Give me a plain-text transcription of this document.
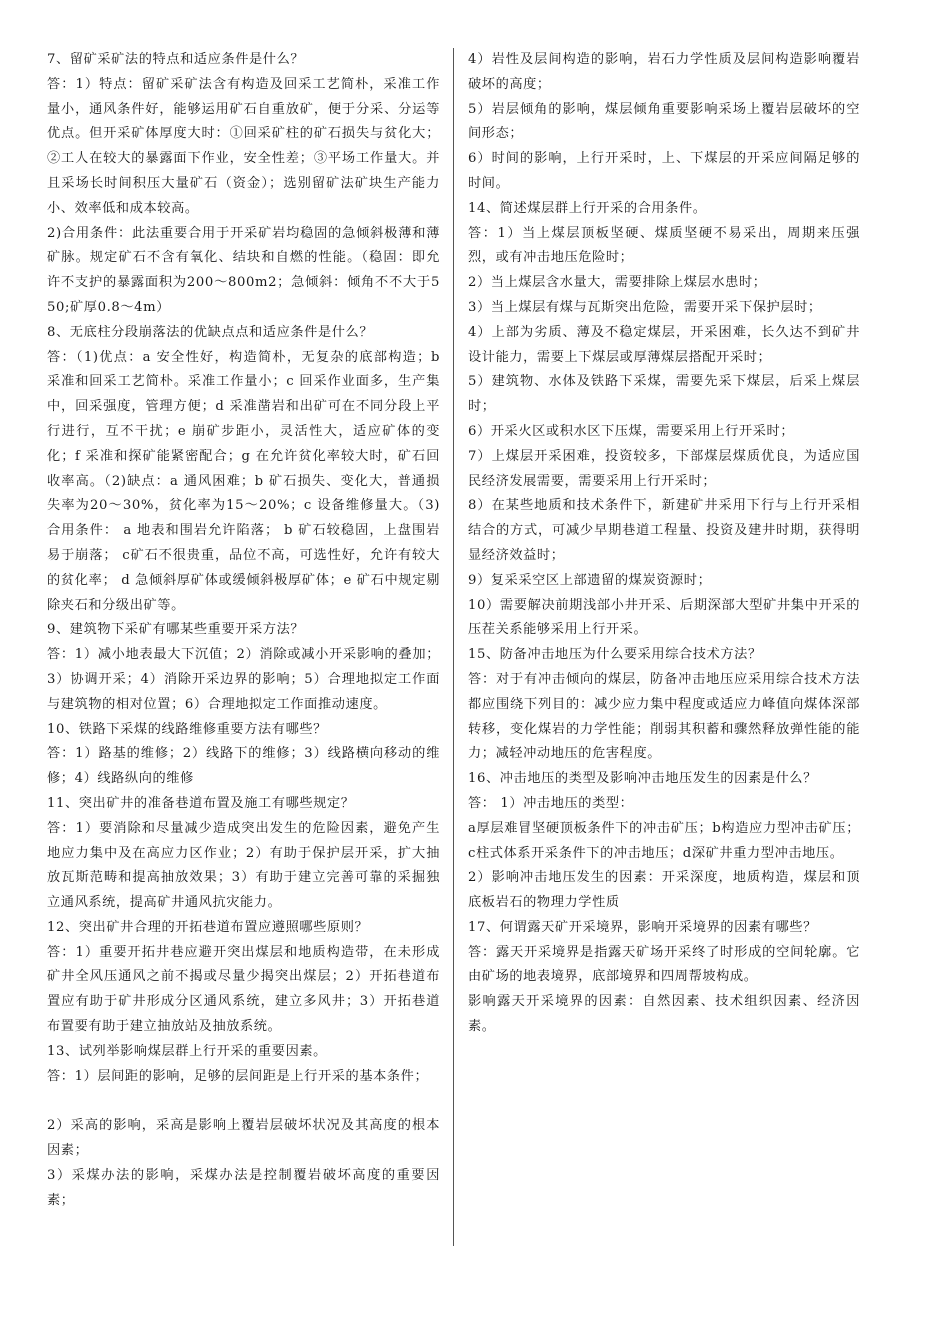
7、留矿采矿法的特点和适应条件是什么？

答：1）特点：留矿采矿法含有构造及回采工艺简朴，采准工作量小，通风条件好，能够运用矿石自重放矿，便于分采、分运等优点。但开采矿体厚度大时：①回采矿柱的矿石损失与贫化大；②工人在较大的暴露面下作业，安全性差；③平场工作量大。并且采场长时间积压大量矿石（资金）；选别留矿法矿块生产能力小、效率低和成本较高。

2)合用条件：此法重要合用于开采矿岩均稳固的急倾斜极薄和薄矿脉。规定矿石不含有氧化、结块和自燃的性能。（稳固：即允许不支护的暴露面积为200～800m2；急倾斜：倾角不不大于550;矿厚0.8～4m）

8、无底柱分段崩落法的优缺点点和适应条件是什么？

答：（1)优点：a 安全性好，构造简朴，无复杂的底部构造；b 采准和回采工艺简朴。采准工作量小；c 回采作业面多，生产集中，回采强度，管理方便；d 采准凿岩和出矿可在不同分段上平行进行，互不干扰；e 崩矿步距小，灵活性大，适应矿体的变化；f 采准和探矿能紧密配合；g 在允许贫化率较大时，矿石回收率高。（2)缺点：a 通风困难；b 矿石损失、变化大，普通损失率为20～30%，贫化率为15～20%；c 设备维修量大。（3)合用条件： a 地表和围岩允许陷落； b 矿石较稳固，上盘围岩易于崩落； c矿石不很贵重，品位不高，可选性好，允许有较大的贫化率； d 急倾斜厚矿体或缓倾斜极厚矿体；e 矿石中规定剔除夹石和分级出矿等。

9、建筑物下采矿有哪某些重要开采方法？

答：1）减小地表最大下沉值；2）消除或减小开采影响的叠加；3）协调开采；4）消除开采边界的影响；5）合理地拟定工作面与建筑物的相对位置；6）合理地拟定工作面推动速度。

10、铁路下采煤的线路维修重要方法有哪些？

答：1）路基的维修；2）线路下的维修；3）线路横向移动的维修；4）线路纵向的维修

11、突出矿井的准备巷道布置及施工有哪些规定？

答：1）要消除和尽量减少造成突出发生的危险因素，避免产生地应力集中及在高应力区作业；2）有助于保护层开采，扩大抽放瓦斯范畴和提高抽放效果；3）有助于建立完善可靠的采掘独立通风系统，提高矿井通风抗灾能力。

12、突出矿井合理的开拓巷道布置应遵照哪些原则？

答：1）重要开拓井巷应避开突出煤层和地质构造带，在未形成矿井全风压通风之前不揭或尽量少揭突出煤层；2）开拓巷道布置应有助于矿井形成分区通风系统，建立多风井；3）开拓巷道布置要有助于建立抽放站及抽放系统。

13、试列举影响煤层群上行开采的重要因素。

答：1）层间距的影响，足够的层间距是上行开采的基本条件；

2）采高的影响，采高是影响上覆岩层破坏状况及其高度的根本因素；

3）采煤办法的影响，采煤办法是控制覆岩破坏高度的重要因素；

4）岩性及层间构造的影响，岩石力学性质及层间构造影响覆岩破坏的高度；

5）岩层倾角的影响，煤层倾角重要影响采场上覆岩层破坏的空间形态；

6）时间的影响，上行开采时，上、下煤层的开采应间隔足够的时间。

14、简述煤层群上行开采的合用条件。

答：1）当上煤层顶板坚硬、煤质坚硬不易采出，周期来压强烈，或有冲击地压危险时；

2）当上煤层含水量大，需要排除上煤层水患时；

3）当上煤层有煤与瓦斯突出危险，需要开采下保护层时；

4）上部为劣质、薄及不稳定煤层，开采困难，长久达不到矿井设计能力，需要上下煤层或厚薄煤层搭配开采时；

5）建筑物、水体及铁路下采煤，需要先采下煤层，后采上煤层时；

6）开采火区或积水区下压煤，需要采用上行开采时；

7）上煤层开采困难，投资较多，下部煤层煤质优良，为适应国民经济发展需要，需要采用上行开采时；

8）在某些地质和技术条件下，新建矿井采用下行与上行开采相结合的方式，可减少早期巷道工程量、投资及建井时期，获得明显经济效益时；

9）复采采空区上部遗留的煤炭资源时；

10）需要解决前期浅部小井开采、后期深部大型矿井集中开采的压茬关系能够采用上行开采。

15、防备冲击地压为什么要采用综合技术方法？

答：对于有冲击倾向的煤层，防备冲击地压应采用综合技术方法都应围绕下列目的：减少应力集中程度或适应力峰值向煤体深部转移，变化煤岩的力学性能；削弱其积蓄和骤然释放弹性能的能力；减轻冲动地压的危害程度。

16、冲击地压的类型及影响冲击地压发生的因素是什么？

答： 1）冲击地压的类型：

a厚层难冒坚硬顶板条件下的冲击矿压；b构造应力型冲击矿压；c柱式体系开采条件下的冲击地压；d深矿井重力型冲击地压。

2）影响冲击地压发生的因素：开采深度，地质构造，煤层和顶底板岩石的物理力学性质

17、何谓露天矿开采境界，影响开采境界的因素有哪些？

答：露天开采境界是指露天矿场开采终了时形成的空间轮廓。它由矿场的地表境界，底部境界和四周帮坡构成。

影响露天开采境界的因素：自然因素、技术组织因素、经济因素。
